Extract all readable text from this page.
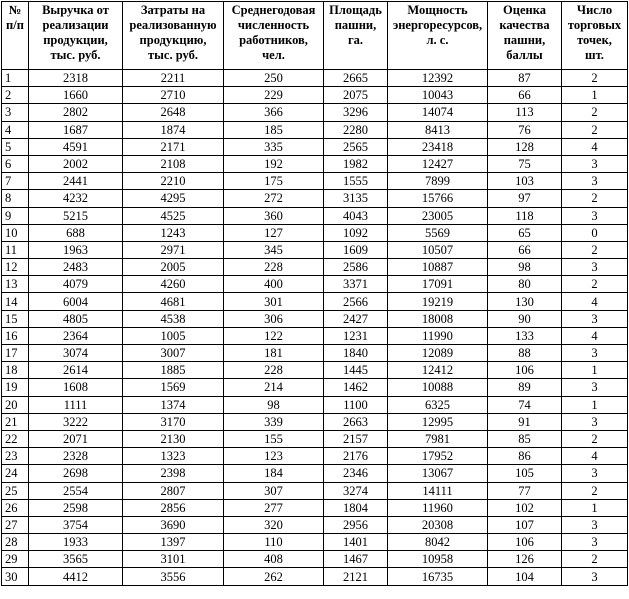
№
п/п	Выручка от
реализации
продукции,
тыс. руб.	Затраты на
реализованную
продукцию,
тыс. руб.	Среднегодовая
численность
работников,
чел.	Площадь
пашни,
га.	Мощность
энергоресурсов,
л. с.	Оценка
качества
пашни,
баллы	Число
торговых
точек,
шт.

1	2318	2211	250	2665	12392	87	2
2	1660	2710	229	2075	10043	66	1
3	2802	2648	366	3296	14074	113	2
4	1687	1874	185	2280	8413	76	2
5	4591	2171	335	2565	23418	128	4
6	2002	2108	192	1982	12427	75	3
7	2441	2210	175	1555	7899	103	3
8	4232	4295	272	3135	15766	97	2
9	5215	4525	360	4043	23005	118	3
10	688	1243	127	1092	5569	65	0
11	1963	2971	345	1609	10507	66	2
12	2483	2005	228	2586	10887	98	3
13	4079	4260	400	3371	17091	80	2
14	6004	4681	301	2566	19219	130	4
15	4805	4538	306	2427	18008	90	3
16	2364	1005	122	1231	11990	133	4
17	3074	3007	181	1840	12089	88	3
18	2614	1885	228	1445	12412	106	1
19	1608	1569	214	1462	10088	89	3
20	1111	1374	98	1100	6325	74	1
21	3222	3170	339	2663	12995	91	3
22	2071	2130	155	2157	7981	85	2
23	2328	1323	123	2176	17952	86	4
24	2698	2398	184	2346	13067	105	3
25	2554	2807	307	3274	14111	77	2
26	2598	2856	277	1804	11960	102	1
27	3754	3690	320	2956	20308	107	3
28	1933	1397	110	1401	8042	106	3
29	3565	3101	408	1467	10958	126	2
30	4412	3556	262	2121	16735	104	3
